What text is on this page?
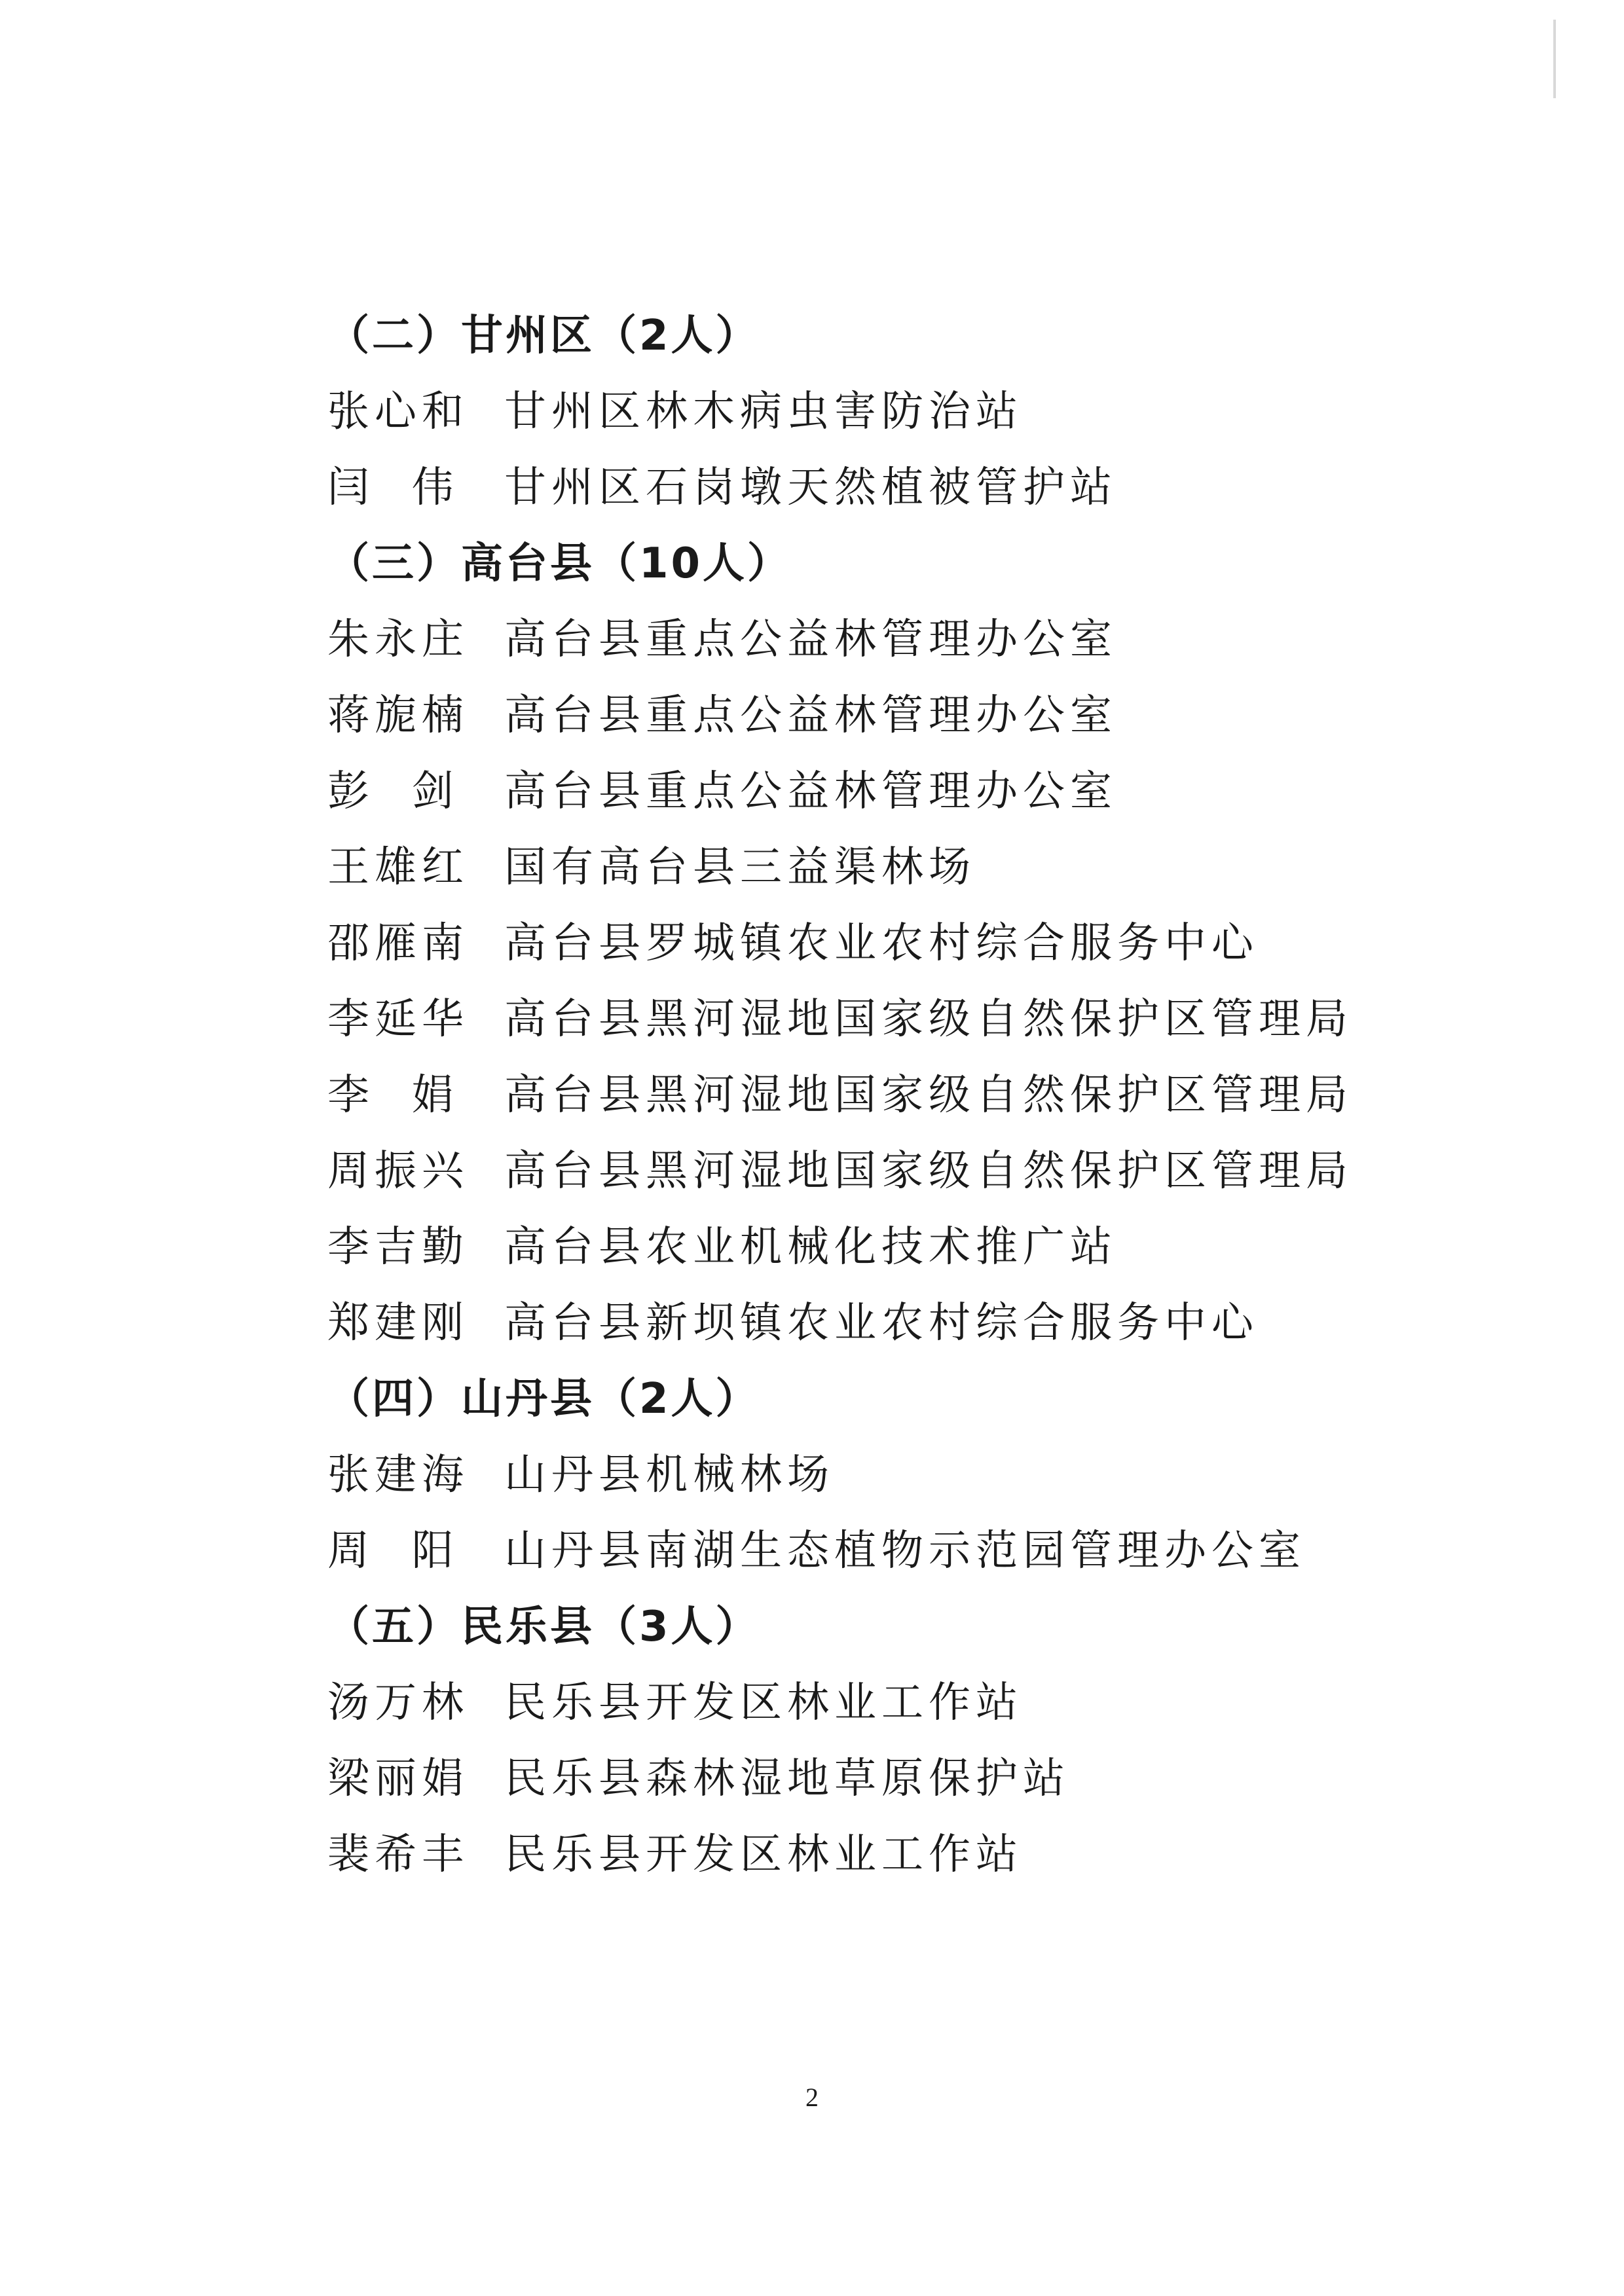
（二）甘州区（2人）
张心和 甘州区林木病虫害防治站
闫  伟	甘州区石岗墩天然植被管护站
（三）高台县（10人）
朱永庄 高台县重点公益林管理办公室
蒋旎楠 高台县重点公益林管理办公室
彭  剑	高台县重点公益林管理办公室
王雄红 国有高台县三益渠林场
邵雁南 高台县罗城镇农业农村综合服务中心
李延华 高台县黑河湿地国家级自然保护区管理局
李  娟	高台县黑河湿地国家级自然保护区管理局
周振兴 高台县黑河湿地国家级自然保护区管理局
李吉勤 高台县农业机械化技术推广站
郑建刚 高台县新坝镇农业农村综合服务中心
（四）山丹县（2人）
张建海 山丹县机械林场
周  阳	山丹县南湖生态植物示范园管理办公室
（五）民乐县（3人）
汤万林 民乐县开发区林业工作站
梁丽娟 民乐县森林湿地草原保护站
裴希丰 民乐县开发区林业工作站
2
